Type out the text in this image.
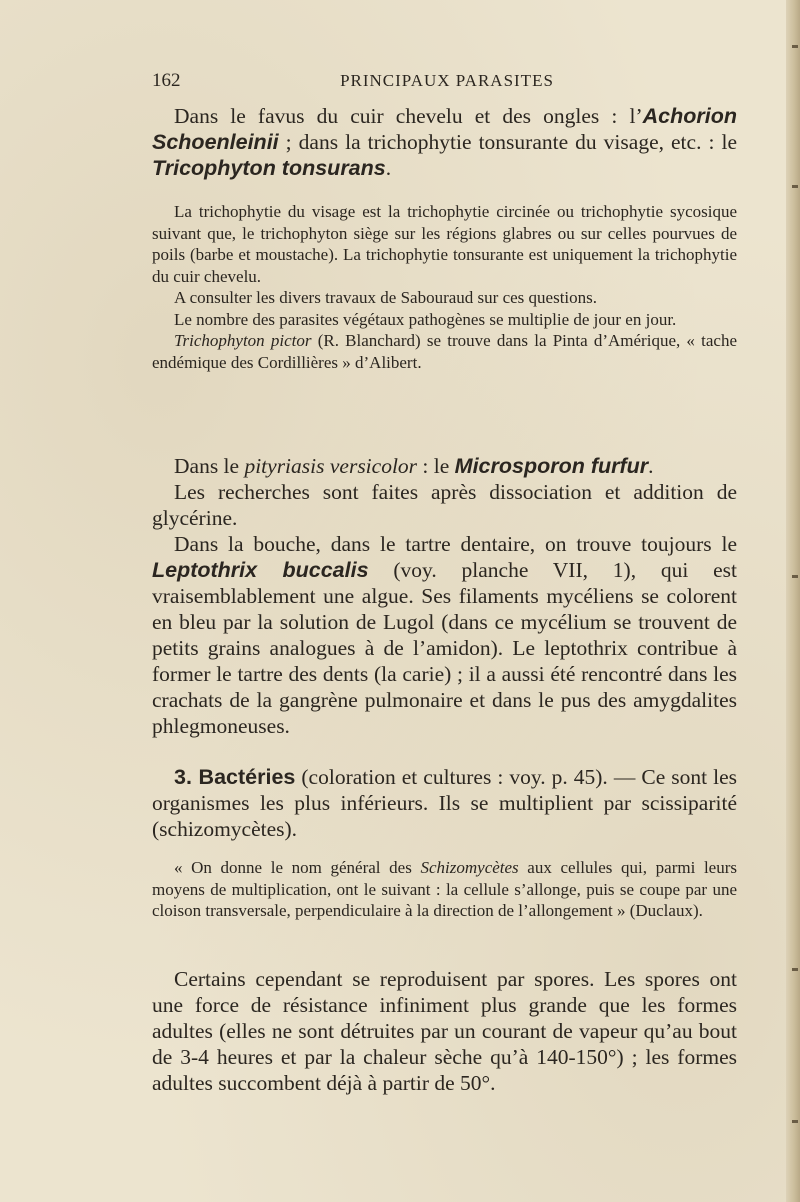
162	PRINCIPAUX PARASITES

Dans le favus du cuir chevelu et des ongles : l’Achorion Schoenleinii ; dans la trichophytie tonsurante du visage, etc. : le Tricophyton tonsurans.

La trichophytie du visage est la trichophytie circinée ou trichophytie sycosique suivant que, le trichophyton siège sur les régions glabres ou sur celles pourvues de poils (barbe et moustache). La trichophytie tonsurante est uniquement la trichophytie du cuir chevelu.

A consulter les divers travaux de Sabouraud sur ces questions.

Le nombre des parasites végétaux pathogènes se multiplie de jour en jour.

Trichophyton pictor (R. Blanchard) se trouve dans la Pinta d’Amérique, « tache endémique des Cordillières » d’Alibert.

Dans le pityriasis versicolor : le Microsporon furfur.

Les recherches sont faites après dissociation et addition de glycérine.

Dans la bouche, dans le tartre dentaire, on trouve toujours le Leptothrix buccalis (voy. planche VII, 1), qui est vraisemblablement une algue. Ses filaments mycéliens se colorent en bleu par la solution de Lugol (dans ce mycélium se trouvent de petits grains analogues à de l’amidon). Le leptothrix contribue à former le tartre des dents (la carie) ; il a aussi été rencontré dans les crachats de la gangrène pulmonaire et dans le pus des amygdalites phlegmoneuses.

3. Bactéries (coloration et cultures : voy. p. 45). — Ce sont les organismes les plus inférieurs. Ils se multiplient par scissiparité (schizomycètes).

« On donne le nom général des Schizomycètes aux cellules qui, parmi leurs moyens de multiplication, ont le suivant : la cellule s’allonge, puis se coupe par une cloison transversale, perpendiculaire à la direction de l’allongement » (Duclaux).

Certains cependant se reproduisent par spores. Les spores ont une force de résistance infiniment plus grande que les formes adultes (elles ne sont détruites par un courant de vapeur qu’au bout de 3-4 heures et par la chaleur sèche qu’à 140-150°) ; les formes adultes succombent déjà à partir de 50°.
